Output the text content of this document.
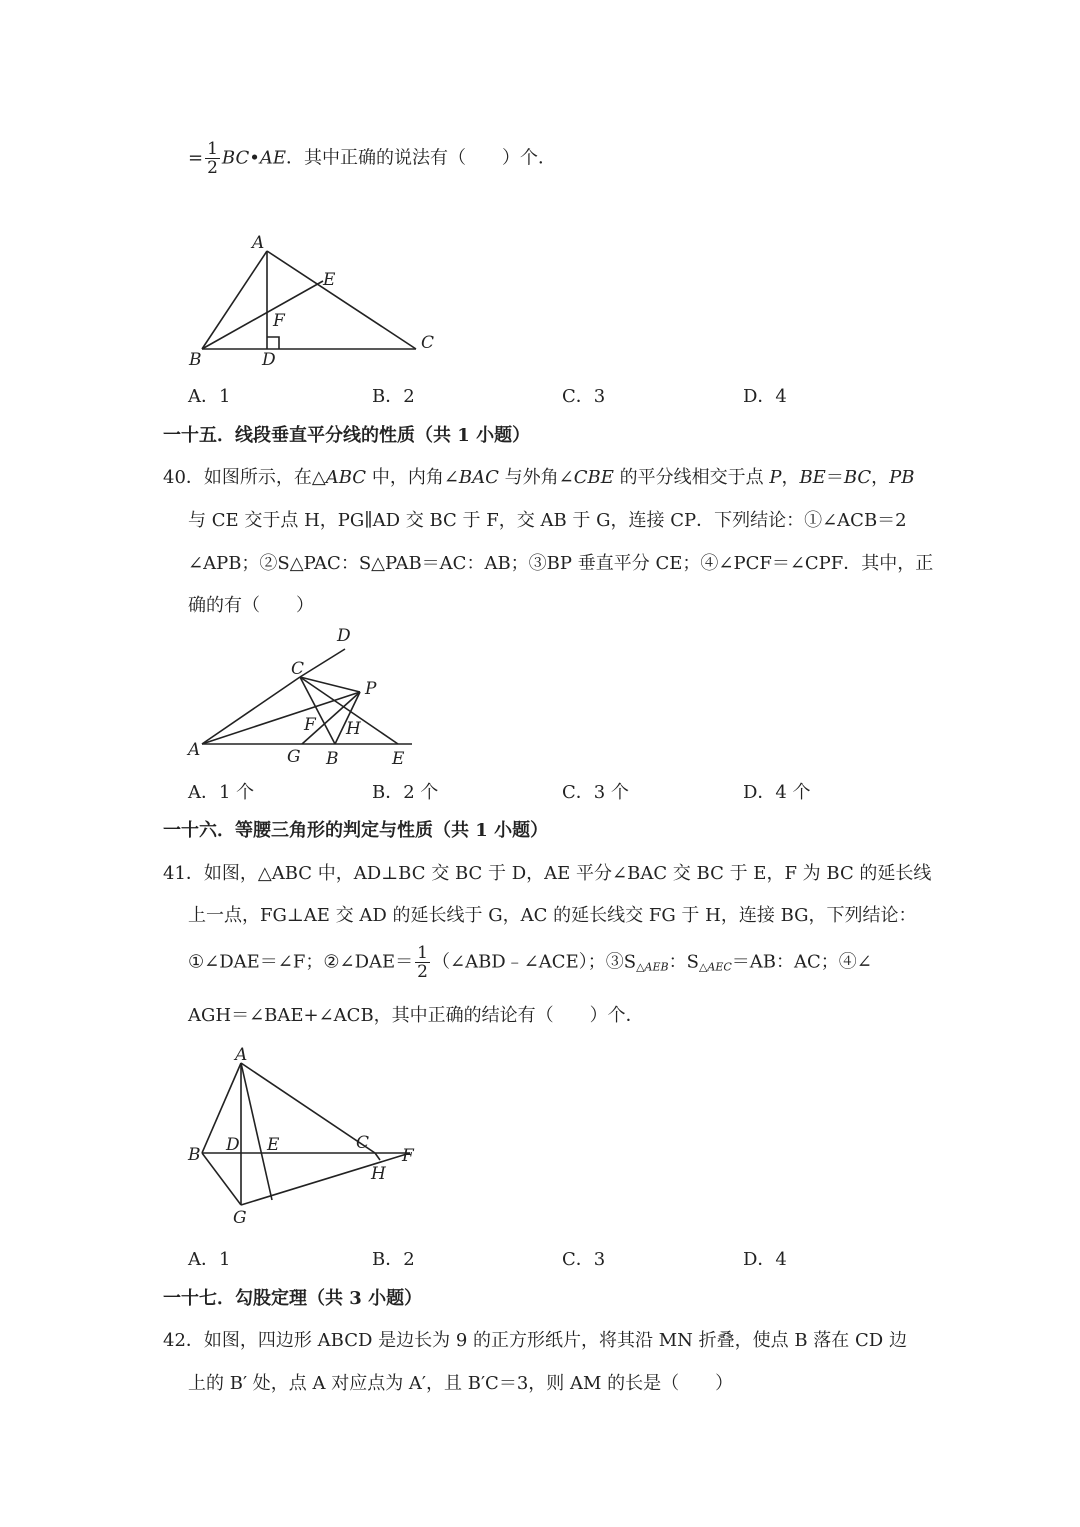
= $\frac{1}{2}$ BC•AE．其中正确的说法有（　　）个．
A
E
F
B	D
C
A．1	B．2	C．3	D．4
一十五．线段垂直平分线的性质（共 1 小题）
40．如图所示，在△ABC 中，内角∠BAC 与外角∠CBE 的平分线相交于点 P，BE＝BC，PB
与 CE 交于点 H，PG∥AD 交 BC 于 F，交 AB 于 G，连接 CP．下列结论：①∠ACB＝2
∠APB；②S△PAC：S△PAB＝AC：AB；③BP 垂直平分 CE；④∠PCF＝∠CPF．其中，正
确的有（　　）
D
C
P
F H
A	G B	E
A．1 个	B．2 个	C．3 个	D．4 个
一十六．等腰三角形的判定与性质（共 1 小题）
41．如图，△ABC 中，AD⊥BC 交 BC 于 D，AE 平分∠BAC 交 BC 于 E，F 为 BC 的延长线
上一点，FG⊥AE 交 AD 的延长线于 G，AC 的延长线交 FG 于 H，连接 BG，下列结论：
①∠DAE＝∠F；②∠DAE＝ $\frac{1}{2}$ （∠ABD﹣∠ACE）；$③S_{\triangle AEB}$：$S_{\triangle AEC}=AB$：AC；④∠
AGH＝∠BAE+∠ACB，其中正确的结论有（　　）个．
A
B D E	C
F
H
G
A．1	B．2	C．3	D．4
一十七．勾股定理（共 3 小题）
42．如图，四边形 ABCD 是边长为 9 的正方形纸片，将其沿 MN 折叠，使点 B 落在 CD 边
上的 B′ 处，点 A 对应点为 A′，且 B′C＝3，则 AM 的长是（　　）
